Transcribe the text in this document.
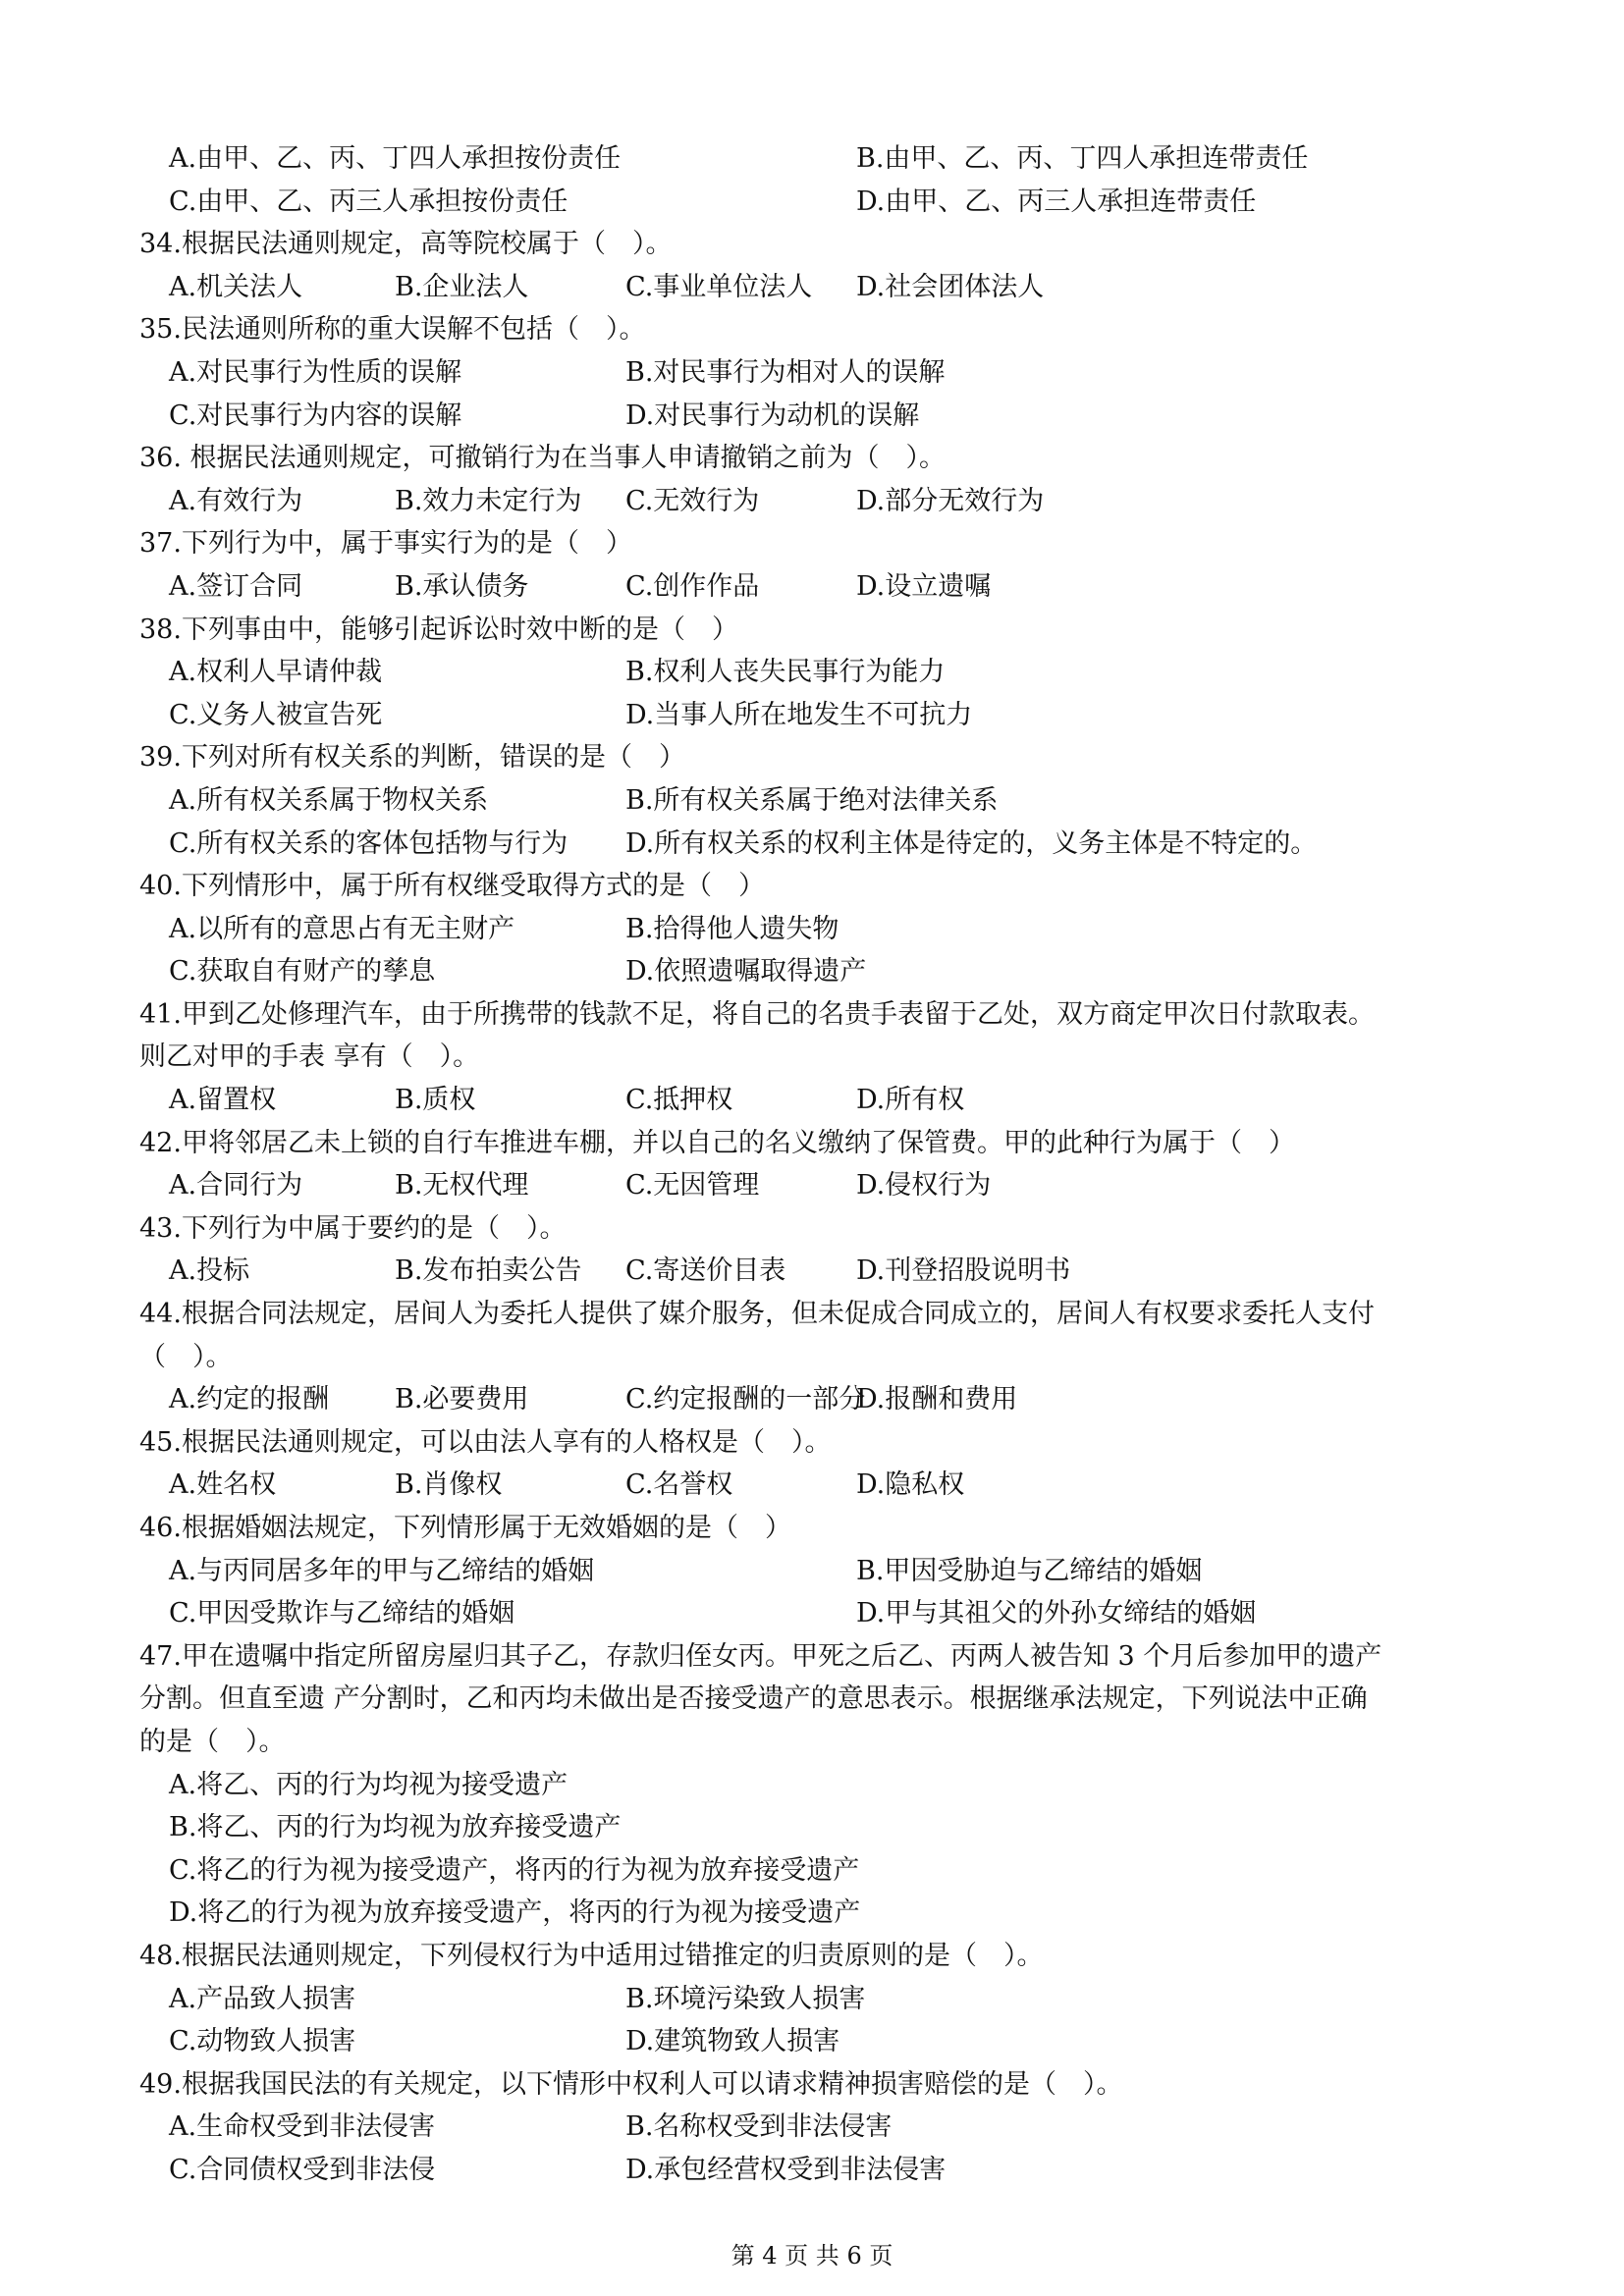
A.由甲、乙、丙、丁四人承担按份责任	B.由甲、乙、丙、丁四人承担连带责任
C.由甲、乙、丙三人承担按份责任	D.由甲、乙、丙三人承担连带责任
34.根据民法通则规定，高等院校属于（　）。
A.机关法人	B.企业法人	C.事业单位法人 D.社会团体法人
35.民法通则所称的重大误解不包括（　）。
A.对民事行为性质的误解	B.对民事行为相对人的误解
C.对民事行为内容的误解	D.对民事行为动机的误解
36. 根据民法通则规定，可撤销行为在当事人申请撤销之前为（　）。
A.有效行为	B.效力未定行为 C.无效行为	D.部分无效行为
37.下列行为中，属于事实行为的是（　）
A.签订合同	B.承认债务	C.创作作品	D.设立遗嘱
38.下列事由中，能够引起诉讼时效中断的是（　）
A.权利人早请仲裁	B.权利人丧失民事行为能力
C.义务人被宣告死	D.当事人所在地发生不可抗力
39.下列对所有权关系的判断，错误的是（　）
A.所有权关系属于物权关系	B.所有权关系属于绝对法律关系
C.所有权关系的客体包括物与行为 D.所有权关系的权利主体是待定的，义务主体是不特定的。
40.下列情形中，属于所有权继受取得方式的是（　）
A.以所有的意思占有无主财产	B.拾得他人遗失物
C.获取自有财产的孳息	D.依照遗嘱取得遗产
41.甲到乙处修理汽车，由于所携带的钱款不足，将自己的名贵手表留于乙处，双方商定甲次日付款取表。
则乙对甲的手表 享有（　）。
A.留置权	B.质权	C.抵押权	D.所有权
42.甲将邻居乙未上锁的自行车推进车棚，并以自己的名义缴纳了保管费。甲的此种行为属于（　）
A.合同行为	B.无权代理	C.无因管理	D.侵权行为
43.下列行为中属于要约的是（　）。
A.投标	B.发布拍卖公告 C.寄送价目表	D.刊登招股说明书
44.根据合同法规定，居间人为委托人提供了媒介服务，但未促成合同成立的，居间人有权要求委托人支付
（　）。
A.约定的报酬 B.必要费用	C.约定报酬的一部分
D.报酬和费用
45.根据民法通则规定，可以由法人享有的人格权是（　）。
A.姓名权	B.肖像权	C.名誉权	D.隐私权
46.根据婚姻法规定，下列情形属于无效婚姻的是（　）
A.与丙同居多年的甲与乙缔结的婚姻	B.甲因受胁迫与乙缔结的婚姻
C.甲因受欺诈与乙缔结的婚姻	D.甲与其祖父的外孙女缔结的婚姻
47.甲在遗嘱中指定所留房屋归其子乙，存款归侄女丙。甲死之后乙、丙两人被告知 3 个月后参加甲的遗产
分割。但直至遗 产分割时，乙和丙均未做出是否接受遗产的意思表示。根据继承法规定，下列说法中正确
的是（　）。
A.将乙、丙的行为均视为接受遗产
B.将乙、丙的行为均视为放弃接受遗产
C.将乙的行为视为接受遗产，将丙的行为视为放弃接受遗产
D.将乙的行为视为放弃接受遗产，将丙的行为视为接受遗产
48.根据民法通则规定，下列侵权行为中适用过错推定的归责原则的是（　）。
A.产品致人损害	B.环境污染致人损害
C.动物致人损害	D.建筑物致人损害
49.根据我国民法的有关规定，以下情形中权利人可以请求精神损害赔偿的是（　）。
A.生命权受到非法侵害	B.名称权受到非法侵害
C.合同债权受到非法侵	D.承包经营权受到非法侵害
第 4 页 共 6 页
